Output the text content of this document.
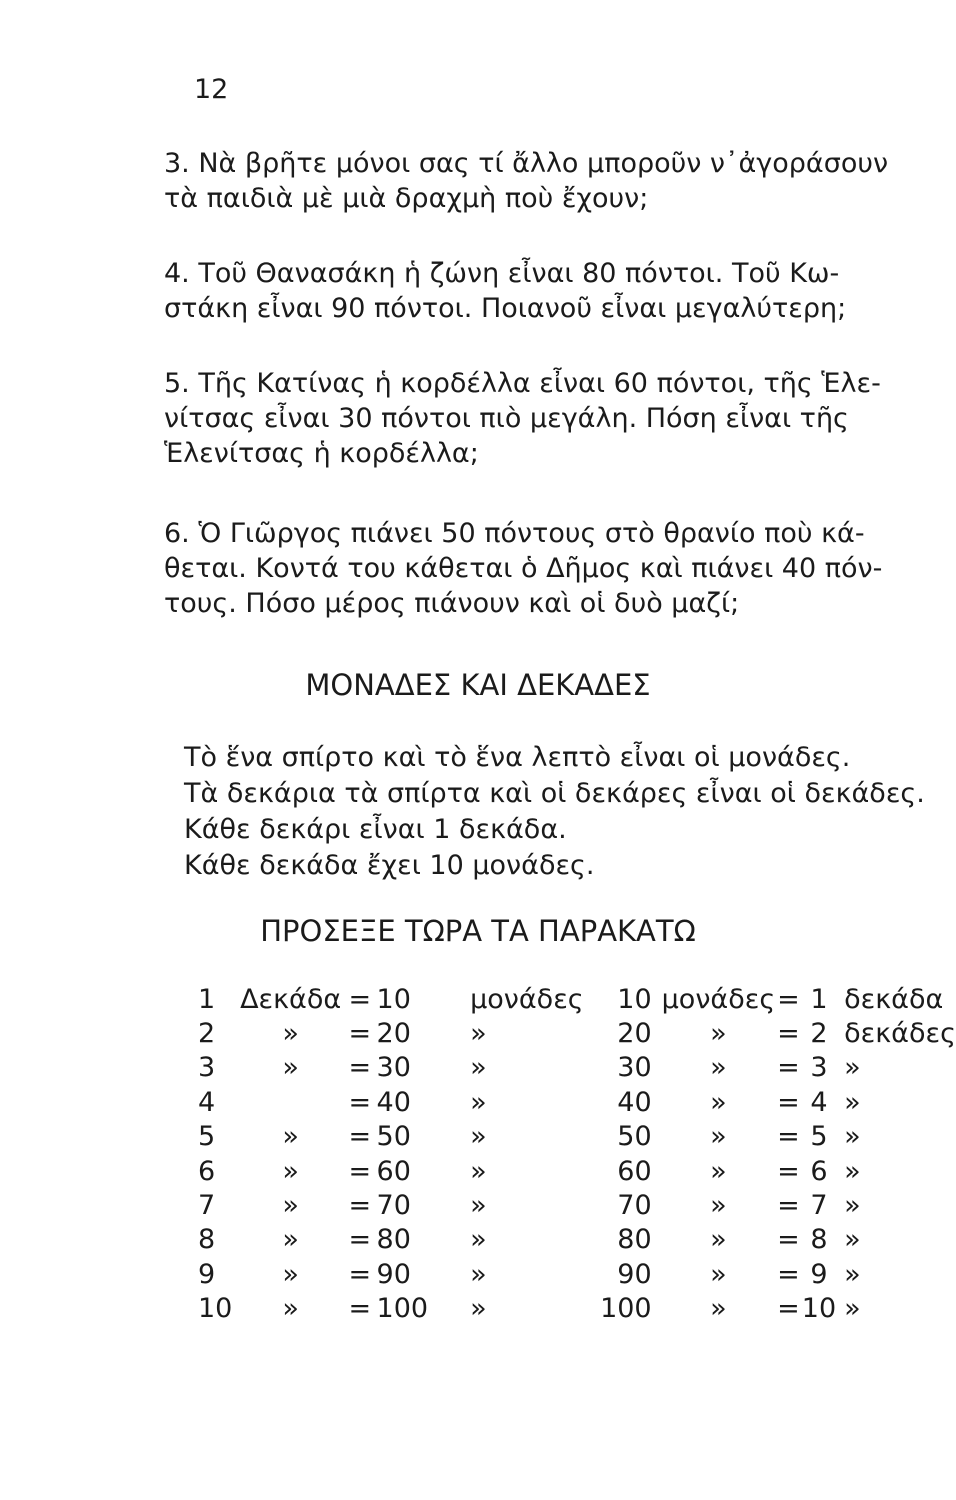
12

3. Νὰ βρῆτε μόνοι σας τί ἄλλο μποροῦν ν᾿ἀγοράσουν
τὰ παιδιὰ μὲ μιὰ δραχμὴ ποὺ ἔχουν;

4. Τοῦ Θανασάκη ἡ ζώνη εἶναι 80 πόντοι. Τοῦ Κω-
στάκη εἶναι 90 πόντοι. Ποιανοῦ εἶναι μεγαλύτερη;

5. Τῆς Κατίνας ἡ κορδέλλα εἶναι 60 πόντοι, τῆς Ἑλε-
νίτσας εἶναι 30 πόντοι πιὸ μεγάλη. Πόση εἶναι τῆς
Ἑλενίτσας ἡ κορδέλλα;

6. Ὁ Γιῶργος πιάνει 50 πόντους στὸ θρανίο ποὺ κά-
θεται. Κοντά του κάθεται ὁ Δῆμος καὶ πιάνει 40 πόν-
τους. Πόσο μέρος πιάνουν καὶ οἱ δυὸ μαζί;

ΜΟΝΑΔΕΣ ΚΑΙ ΔΕΚΑΔΕΣ
Τὸ ἕνα σπίρτο καὶ τὸ ἕνα λεπτὸ εἶναι οἱ μονάδες.
Τὰ δεκάρια τὰ σπίρτα καὶ οἱ δεκάρες εἶναι οἱ δεκάδες.
Κάθε δεκάρι εἶναι 1 δεκάδα.
Κάθε δεκάδα ἔχει 10 μονάδες.
ΠΡΟΣΕΞΕ ΤΩΡΑ ΤΑ ΠΑΡΑΚΑΤΩ
1	Δεκάδα	=	10	μονάδες	10	μονάδες	=	1	δεκάδα
2	»	=	20	»	20	»	=	2	δεκάδες
3	»	=	30	»	30	»	=	3	»
4		=	40	»	40	»	=	4	»
5	»	=	50	»	50	»	=	5	»
6	»	=	60	»	60	»	=	6	»
7	»	=	70	»	70	»	=	7	»
8	»	=	80	»	80	»	=	8	»
9	»	=	90	»	90	»	=	9	»
10	»	=	100	»	100	»	=	10	»
